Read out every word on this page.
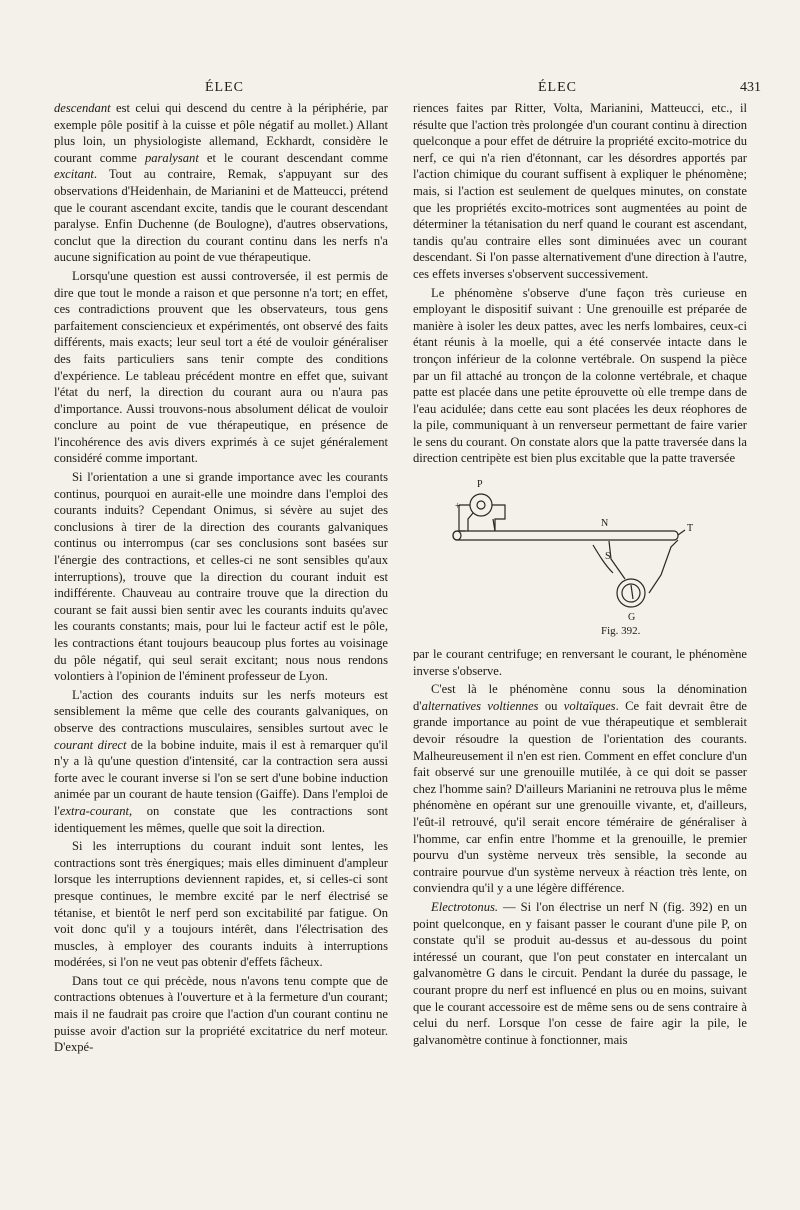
ÉLEC	ÉLEC	431

descendant est celui qui descend du centre à la périphérie, par exemple pôle positif à la cuisse et pôle négatif au mollet.) Allant plus loin, un physiologiste allemand, Eckhardt, considère le courant comme paralysant et le courant descendant comme excitant. Tout au contraire, Remak, s'appuyant sur des observations d'Heidenhain, de Marianini et de Matteucci, prétend que le courant ascendant excite, tandis que le courant descendant paralyse. Enfin Duchenne (de Boulogne), d'autres observations, conclut que la direction du courant continu dans les nerfs n'a aucune signification au point de vue thérapeutique.

Lorsqu'une question est aussi controversée, il est permis de dire que tout le monde a raison et que personne n'a tort; en effet, ces contradictions prouvent que les observateurs, tous gens parfaitement consciencieux et expérimentés, ont observé des faits différents, mais exacts; leur seul tort a été de vouloir généraliser des faits particuliers sans tenir compte des conditions d'expérience. Le tableau précédent montre en effet que, suivant l'état du nerf, la direction du courant aura ou n'aura pas d'importance. Aussi trouvons-nous absolument délicat de vouloir conclure au point de vue thérapeutique, en présence de l'incohérence des avis divers exprimés à ce sujet généralement considéré comme important.

Si l'orientation a une si grande importance avec les courants continus, pourquoi en aurait-elle une moindre dans l'emploi des courants induits? Cependant Onimus, si sévère au sujet des conclusions à tirer de la direction des courants galvaniques continus ou interrompus (car ses conclusions sont basées sur l'énergie des contractions, et celles-ci ne sont sensibles qu'aux interruptions), trouve que la direction du courant induit est indifférente. Chauveau au contraire trouve que la direction du courant se fait aussi bien sentir avec les courants induits qu'avec les courants constants; mais, pour lui le facteur actif est le pôle, les contractions étant toujours beaucoup plus fortes au voisinage du pôle négatif, qui seul serait excitant; nous nous rendons volontiers à l'opinion de l'éminent professeur de Lyon.

L'action des courants induits sur les nerfs moteurs est sensiblement la même que celle des courants galvaniques, on observe des contractions musculaires, sensibles surtout avec le courant direct de la bobine induite, mais il est à remarquer qu'il n'y a là qu'une question d'intensité, car la contraction sera aussi forte avec le courant inverse si l'on se sert d'une bobine induction animée par un courant de haute tension (Gaiffe). Dans l'emploi de l'extra-courant, on constate que les contractions sont identiquement les mêmes, quelle que soit la direction.

Si les interruptions du courant induit sont lentes, les contractions sont très énergiques; mais elles diminuent d'ampleur lorsque les interruptions deviennent rapides, et, si celles-ci sont presque continues, le membre excité par le nerf électrisé se tétanise, et bientôt le nerf perd son excitabilité par fatigue. On voit donc qu'il y a toujours intérêt, dans l'électrisation des muscles, à employer des courants induits à interruptions modérées, si l'on ne veut pas obtenir d'effets fâcheux.

Dans tout ce qui précède, nous n'avons tenu compte que de contractions obtenues à l'ouverture et à la fermeture d'un courant; mais il ne faudrait pas croire que l'action d'un courant continu ne puisse avoir d'action sur la propriété excitatrice du nerf moteur. D'expé-

riences faites par Ritter, Volta, Marianini, Matteucci, etc., il résulte que l'action très prolongée d'un courant continu à direction quelconque a pour effet de détruire la propriété excito-motrice du nerf, ce qui n'a rien d'étonnant, car les désordres apportés par l'action chimique du courant suffisent à expliquer le phénomène; mais, si l'action est seulement de quelques minutes, on constate que les propriétés excito-motrices sont augmentées au point de déterminer la tétanisation du nerf quand le courant est ascendant, tandis qu'au contraire elles sont diminuées avec un courant descendant. Si l'on passe alternativement d'une direction à l'autre, ces effets inverses s'observent successivement.

Le phénomène s'observe d'une façon très curieuse en employant le dispositif suivant : Une grenouille est préparée de manière à isoler les deux pattes, avec les nerfs lombaires, ceux-ci étant réunis à la moelle, qui a été conservée intacte dans le tronçon inférieur de la colonne vertébrale. On suspend la pièce par un fil attaché au tronçon de la colonne vertébrale, et chaque patte est placée dans une petite éprouvette où elle trempe dans de l'eau acidulée; dans cette eau sont placées les deux réophores de la pile, communiquant à un renverseur permettant de faire varier le sens du courant. On constate alors que la patte traversée dans la direction centripète est bien plus excitable que la patte traversée

P
+
N	T
S
G
Fig. 392.

par le courant centrifuge; en renversant le courant, le phénomène inverse s'observe.

C'est là le phénomène connu sous la dénomination d'alternatives voltiennes ou voltaïques. Ce fait devrait être de grande importance au point de vue thérapeutique et semblerait devoir résoudre la question de l'orientation des courants. Malheureusement il n'en est rien. Comment en effet conclure d'un fait observé sur une grenouille mutilée, à ce qui doit se passer chez l'homme sain? D'ailleurs Marianini ne retrouva plus le même phénomène en opérant sur une grenouille vivante, et, d'ailleurs, l'eût-il retrouvé, qu'il serait encore téméraire de généraliser à l'homme, car enfin entre l'homme et la grenouille, le premier pourvu d'un système nerveux très sensible, la seconde au contraire pourvue d'un système nerveux à réaction très lente, on conviendra qu'il y a une légère différence.

Electrotonus. — Si l'on électrise un nerf N (fig. 392) en un point quelconque, en y faisant passer le courant d'une pile P, on constate qu'il se produit au-dessus et au-dessous du point intéressé un courant, que l'on peut constater en intercalant un galvanomètre G dans le circuit. Pendant la durée du passage, le courant propre du nerf est influencé en plus ou en moins, suivant que le courant accessoire est de même sens ou de sens contraire à celui du nerf. Lorsque l'on cesse de faire agir la pile, le galvanomètre continue à fonctionner, mais
